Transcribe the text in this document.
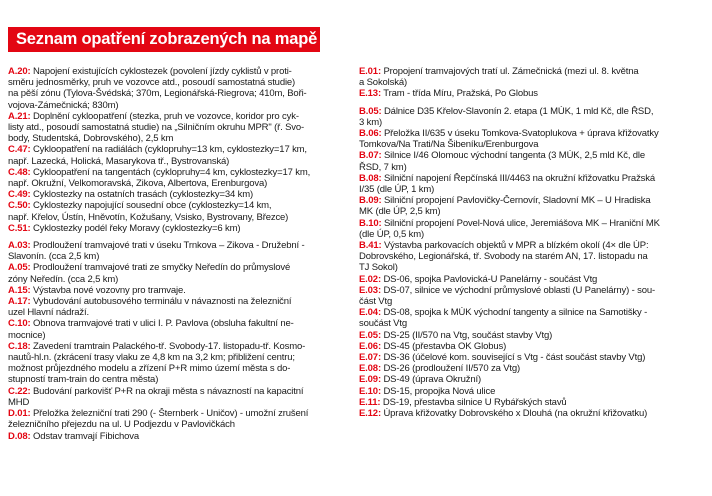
Seznam opatření zobrazených na mapě
A.20: Napojení existujících cyklostezek (povolení jízdy cyklistů v proti-
směru jednosměrky, pruh ve vozovce atd., posoudí samostatná studie)
na pěší zónu (Tylova-Švédská; 370m, Legionářská-Riegrova; 410m, Boři-
vojova-Zámečnická; 830m)
A.21: Doplnění cykloopatření (stezka, pruh ve vozovce, koridor pro cyk-
listy atd., posoudí samostatná studie) na „Silničním okruhu MPR" (ř. Svo-
body, Studentská, Dobrovského), 2,5 km
C.47: Cykloopatření na radiálách (cyklopruhy=13 km, cyklostezky=17 km,
např. Lazecká, Holická, Masarykova tř., Bystrovanská)
C.48: Cykloopatření na tangentách (cyklopruhy=4 km, cyklostezky=17 km,
např. Okružní, Velkomoravská, Zikova, Albertova, Erenburgova)
C.49: Cyklostezky na ostatních trasách (cyklostezky=34 km)
C.50: Cyklostezky napojující sousední obce (cyklostezky=14 km,
např. Křelov, Ústín, Hněvotín, Kožušany, Vsisko, Bystrovany, Březce)
C.51: Cyklostezky podél řeky Moravy (cyklostezky=6 km)
A.03: Prodloužení tramvajové trati v úseku Trnkova – Zikova - Družební -
Slavonín. (cca 2,5 km)
A.05: Prodloužení tramvajové trati ze smyčky Neředín do průmyslové
zóny Neředín. (cca 2,5 km)
A.15: Výstavba nové vozovny pro tramvaje.
A.17: Vybudování autobusového terminálu v návaznosti na železniční
uzel Hlavní nádraží.
C.10: Obnova tramvajové trati v ulici I. P. Pavlova (obsluha fakultní ne-
mocnice)
C.18: Zavedení tramtrain Palackého-tř. Svobody-17. listopadu-tř. Kosmo-
nautů-hl.n. (zkrácení trasy vlaku ze 4,8 km na 3,2 km; přibližení centru;
možnost průjezdného modelu a zřízení P+R mimo území města s do-
stupností tram-train do centra města)
C.22: Budování parkovišť P+R na okraji města s návazností na kapacitní
MHD
D.01: Přeložka železniční trati 290 (- Šternberk - Uničov) - umožní zrušení
železničního přejezdu na ul. U Podjezdu v Pavlovičkách
D.08: Odstav tramvají Fibichova
E.01: Propojení tramvajových tratí ul. Zámečnická (mezi ul. 8. května
a Sokolská)
E.13: Tram - třída Míru, Pražská, Po Globus
B.05: Dálnice D35 Křelov-Slavonín 2. etapa (1 MÚK, 1 mld Kč, dle ŘSD,
3 km)
B.06: Přeložka II/635 v úseku Tomkova-Svatoplukova + úprava křižovatky
Tomkova/Na Trati/Na Šibeníku/Erenburgova
B.07: Silnice I/46 Olomouc východní tangenta (3 MÚK, 2,5 mld Kč, dle
ŘSD, 7 km)
B.08: Silniční napojení Řepčínská III/4463 na okružní křižovatku Pražská
I/35 (dle ÚP, 1 km)
B.09: Silniční propojení Pavlovičky-Černovír, Sladovní MK – U Hradiska
MK (dle ÚP, 2,5 km)
B.10: Silniční propojení Povel-Nová ulice, Jeremiášova MK – Hraniční MK
(dle ÚP, 0,5 km)
B.41: Výstavba parkovacích objektů v MPR a blízkém okolí (4× dle ÚP:
Dobrovského, Legionářská, tř. Svobody na starém AN, 17. listopadu na
TJ Sokol)
E.02: DS-06, spojka Pavlovická-U Panelárny - součást Vtg
E.03: DS-07, silnice ve východní průmyslové oblasti (U Panelárny) - sou-
část Vtg
E.04: DS-08, spojka k MÚK východní tangenty a silnice na Samotišky -
součást Vtg
E.05: DS-25 (II/570 na Vtg, součást stavby Vtg)
E.06: DS-45 (přestavba OK Globus)
E.07: DS-36 (účelové kom. související s Vtg - část součást stavby Vtg)
E.08: DS-26 (prodloužení II/570 za Vtg)
E.09: DS-49 (úprava Okružní)
E.10: DS-15, propojka Nová ulice
E.11: DS-19, přestavba silnice U Rybářských stavů
E.12: Úprava křižovatky Dobrovského x Dlouhá (na okružní křižovatku)
